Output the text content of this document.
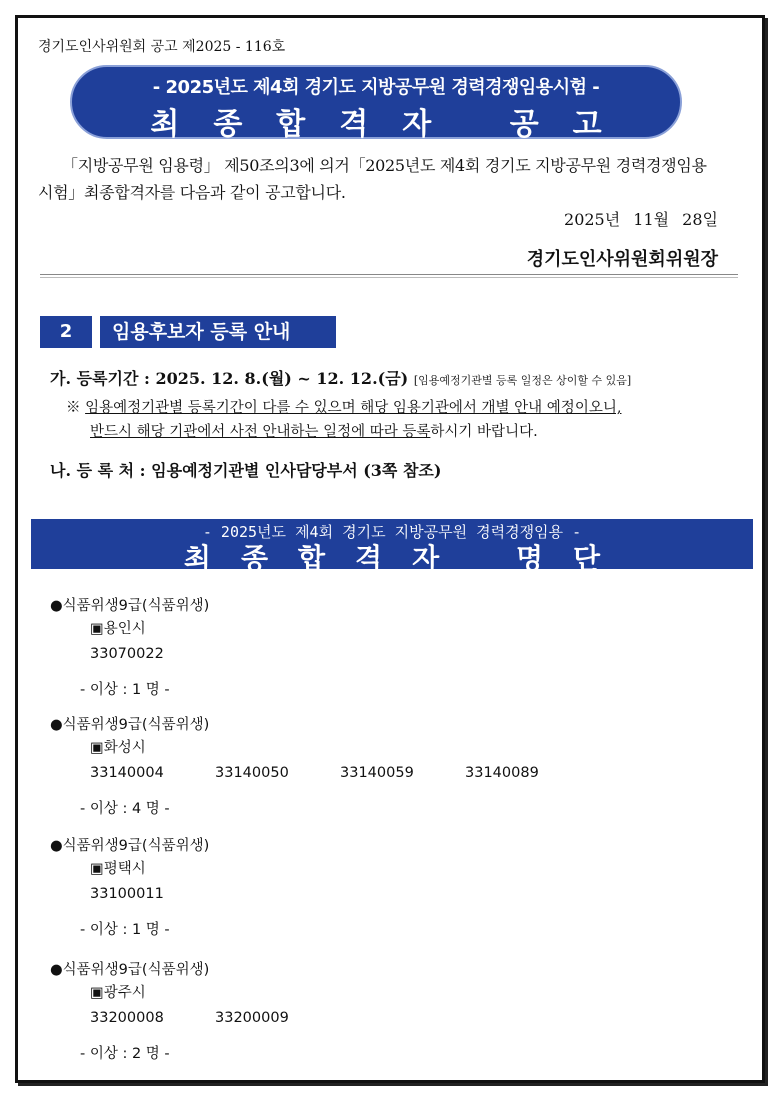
경기도인사위원회 공고 제2025 - 116호
- 2025년도 제4회 경기도 지방공무원 경력경쟁임용시험 -
최종합격자 공고
「지방공무원 임용령」 제50조의3에 의거「2025년도 제4회 경기도 지방공무원 경력경쟁임용시험」최종합격자를 다음과 같이 공고합니다.
2025년 11월 28일
경기도인사위원회위원장
2	임용후보자 등록 안내
가. 등록기간 : 2025. 12. 8.(월) ~ 12. 12.(금) [임용예정기관별 등록 일정은 상이할 수 있음]
※ 임용예정기관별 등록기간이 다를 수 있으며 해당 임용기관에서 개별 안내 예정이오니,
반드시 해당 기관에서 사전 안내하는 일정에 따라 등록하시기 바랍니다.
나. 등 록 처 : 임용예정기관별 인사담당부서 (3쪽 참조)
- 2025년도 제4회 경기도 지방공무원 경력경쟁임용 -
최종합격자 명단
●식품위생9급(식품위생)
▣용인시
33070022
- 이상 : 1 명 -
●식품위생9급(식품위생)
▣화성시
33140004	33140050	33140059	33140089
- 이상 : 4 명 -
●식품위생9급(식품위생)
▣평택시
33100011
- 이상 : 1 명 -
●식품위생9급(식품위생)
▣광주시
33200008	33200009
- 이상 : 2 명 -
